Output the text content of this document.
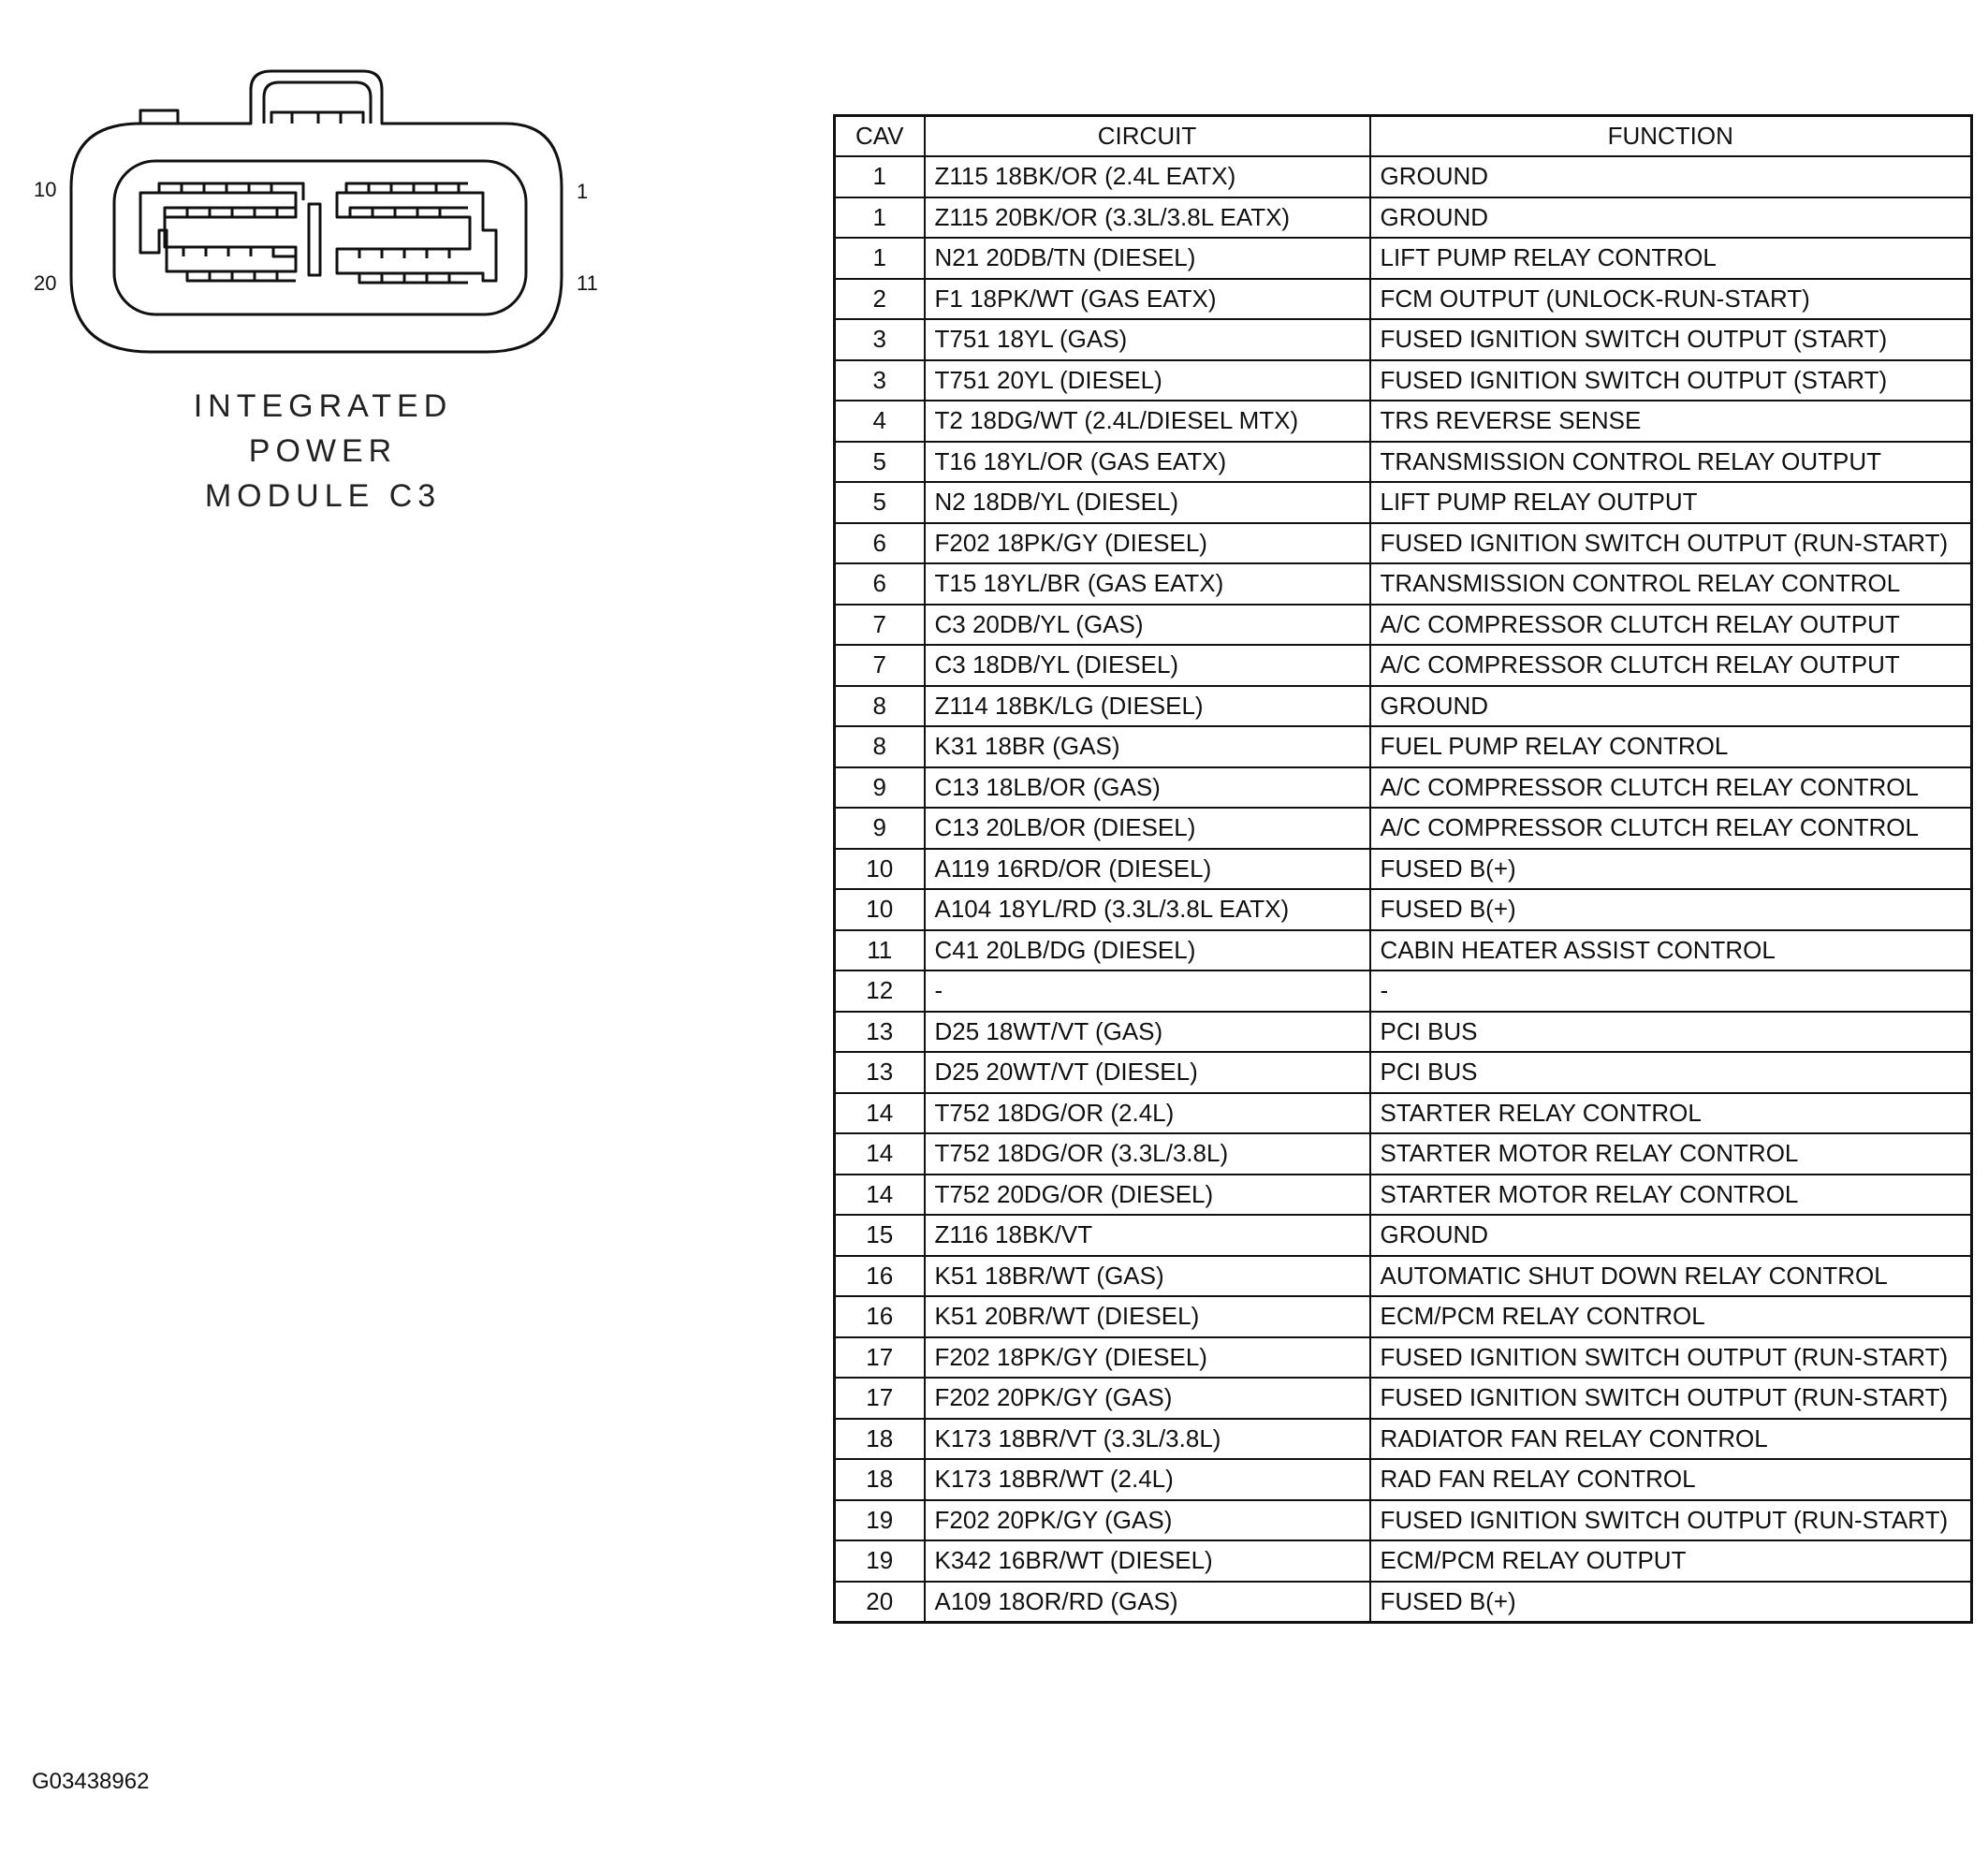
10	1
20	11
INTEGRATED
POWER
MODULE C3
G03438962
CAV	CIRCUIT	FUNCTION
1	Z115 18BK/OR (2.4L EATX)	GROUND
1	Z115 20BK/OR (3.3L/3.8L EATX)	GROUND
1	N21 20DB/TN (DIESEL)	LIFT PUMP RELAY CONTROL
2	F1 18PK/WT (GAS EATX)	FCM OUTPUT (UNLOCK-RUN-START)
3	T751 18YL (GAS)	FUSED IGNITION SWITCH OUTPUT (START)
3	T751 20YL (DIESEL)	FUSED IGNITION SWITCH OUTPUT (START)
4	T2 18DG/WT (2.4L/DIESEL MTX)	TRS REVERSE SENSE
5	T16 18YL/OR (GAS EATX)	TRANSMISSION CONTROL RELAY OUTPUT
5	N2 18DB/YL (DIESEL)	LIFT PUMP RELAY OUTPUT
6	F202 18PK/GY (DIESEL)	FUSED IGNITION SWITCH OUTPUT (RUN-START)
6	T15 18YL/BR (GAS EATX)	TRANSMISSION CONTROL RELAY CONTROL
7	C3 20DB/YL (GAS)	A/C COMPRESSOR CLUTCH RELAY OUTPUT
7	C3 18DB/YL (DIESEL)	A/C COMPRESSOR CLUTCH RELAY OUTPUT
8	Z114 18BK/LG (DIESEL)	GROUND
8	K31 18BR (GAS)	FUEL PUMP RELAY CONTROL
9	C13 18LB/OR (GAS)	A/C COMPRESSOR CLUTCH RELAY CONTROL
9	C13 20LB/OR (DIESEL)	A/C COMPRESSOR CLUTCH RELAY CONTROL
10	A119 16RD/OR (DIESEL)	FUSED B(+)
10	A104 18YL/RD (3.3L/3.8L EATX)	FUSED B(+)
11	C41 20LB/DG (DIESEL)	CABIN HEATER ASSIST CONTROL
12	-	-
13	D25 18WT/VT (GAS)	PCI BUS
13	D25 20WT/VT (DIESEL)	PCI BUS
14	T752 18DG/OR (2.4L)	STARTER RELAY CONTROL
14	T752 18DG/OR (3.3L/3.8L)	STARTER MOTOR RELAY CONTROL
14	T752 20DG/OR (DIESEL)	STARTER MOTOR RELAY CONTROL
15	Z116 18BK/VT	GROUND
16	K51 18BR/WT (GAS)	AUTOMATIC SHUT DOWN RELAY CONTROL
16	K51 20BR/WT (DIESEL)	ECM/PCM RELAY CONTROL
17	F202 18PK/GY (DIESEL)	FUSED IGNITION SWITCH OUTPUT (RUN-START)
17	F202 20PK/GY (GAS)	FUSED IGNITION SWITCH OUTPUT (RUN-START)
18	K173 18BR/VT (3.3L/3.8L)	RADIATOR FAN RELAY CONTROL
18	K173 18BR/WT (2.4L)	RAD FAN RELAY CONTROL
19	F202 20PK/GY (GAS)	FUSED IGNITION SWITCH OUTPUT (RUN-START)
19	K342 16BR/WT (DIESEL)	ECM/PCM RELAY OUTPUT
20	A109 18OR/RD (GAS)	FUSED B(+)
